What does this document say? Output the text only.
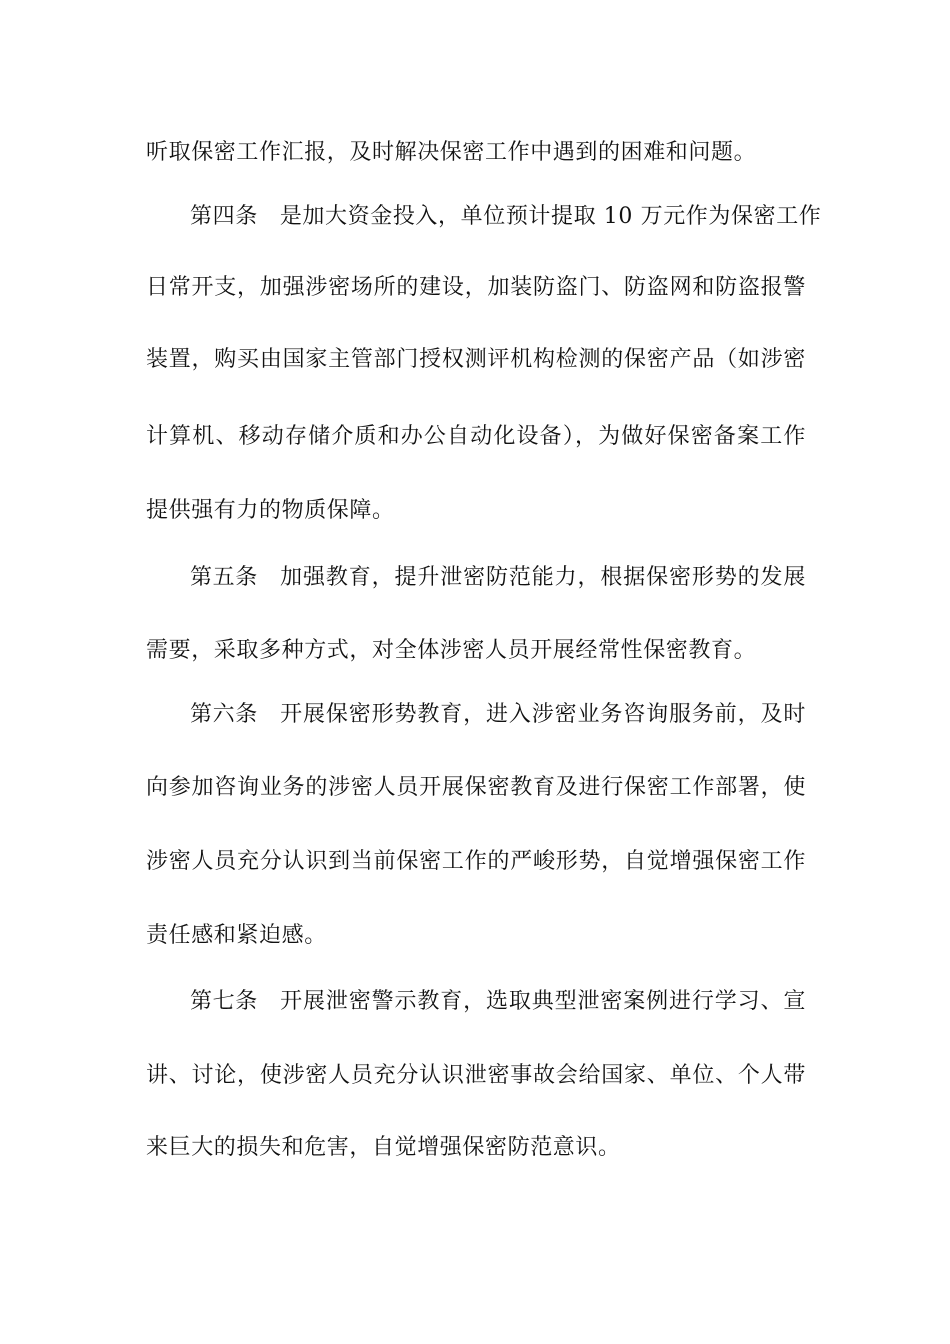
听取保密工作汇报，及时解决保密工作中遇到的困难和问题。
第四条 是加大资金投入，单位预计提取 10 万元作为保密工作
日常开支，加强涉密场所的建设，加装防盗门、防盗网和防盗报警
装置，购买由国家主管部门授权测评机构检测的保密产品（如涉密
计算机、移动存储介质和办公自动化设备），为做好保密备案工作
提供强有力的物质保障。
第五条 加强教育，提升泄密防范能力，根据保密形势的发展
需要，采取多种方式，对全体涉密人员开展经常性保密教育。
第六条 开展保密形势教育，进入涉密业务咨询服务前，及时
向参加咨询业务的涉密人员开展保密教育及进行保密工作部署，使
涉密人员充分认识到当前保密工作的严峻形势，自觉增强保密工作
责任感和紧迫感。
第七条 开展泄密警示教育，选取典型泄密案例进行学习、宣
讲、讨论，使涉密人员充分认识泄密事故会给国家、单位、个人带
来巨大的损失和危害，自觉增强保密防范意识。
